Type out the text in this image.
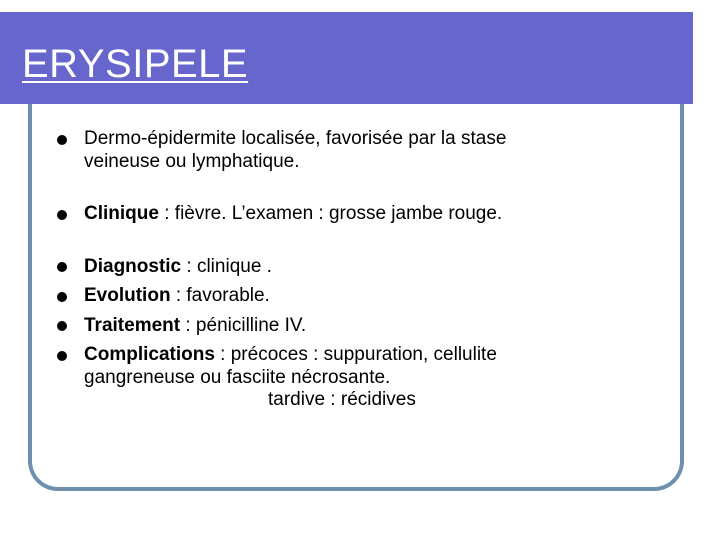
ERYSIPELE
Dermo-épidermite localisée, favorisée par la stase
veineuse ou lymphatique.
Clinique : fièvre. L’examen : grosse jambe rouge.
Diagnostic : clinique .
Evolution : favorable.
Traitement : pénicilline IV.
Complications : précoces : suppuration, cellulite
gangreneuse ou fasciite nécrosante.
tardive : récidives
